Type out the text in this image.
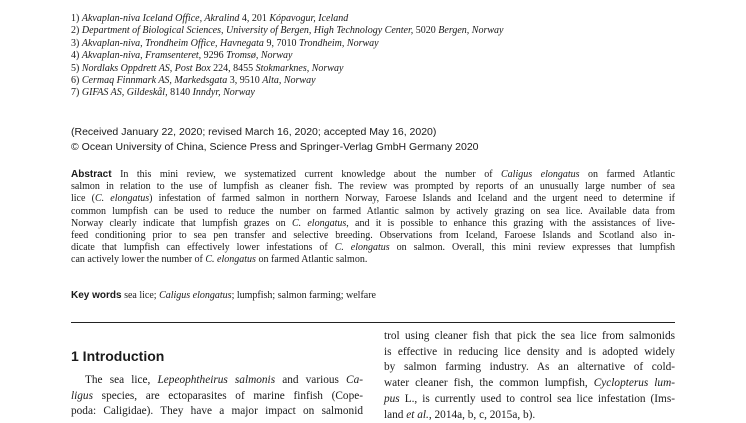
1) Akvaplan-niva Iceland Office, Akralind 4, 201 Kópavogur, Iceland
2) Department of Biological Sciences, University of Bergen, High Technology Center, 5020 Bergen, Norway
3) Akvaplan-niva, Trondheim Office, Havnegata 9, 7010 Trondheim, Norway
4) Akvaplan-niva, Framsenteret, 9296 Tromsø, Norway
5) Nordlaks Oppdrett AS, Post Box 224, 8455 Stokmarknes, Norway
6) Cermaq Finnmark AS, Markedsgata 3, 9510 Alta, Norway
7) GIFAS AS, Gildeskål, 8140 Inndyr, Norway
(Received January 22, 2020; revised March 16, 2020; accepted May 16, 2020)
© Ocean University of China, Science Press and Springer-Verlag GmbH Germany 2020
Abstract In this mini review, we systematized current knowledge about the number of Caligus elongatus on farmed Atlantic
salmon in relation to the use of lumpfish as cleaner fish. The review was prompted by reports of an unusually large number of sea
lice (C. elongatus) infestation of farmed salmon in northern Norway, Faroese Islands and Iceland and the urgent need to determine if
common lumpfish can be used to reduce the number on farmed Atlantic salmon by actively grazing on sea lice. Available data from
Norway clearly indicate that lumpfish grazes on C. elongatus, and it is possible to enhance this grazing with the assistances of live-
feed conditioning prior to sea pen transfer and selective breeding. Observations from Iceland, Faroese Islands and Scotland also in-
dicate that lumpfish can effectively lower infestations of C. elongatus on salmon. Overall, this mini review expresses that lumpfish
can actively lower the number of C. elongatus on farmed Atlantic salmon.
Key words sea lice; Caligus elongatus; lumpfish; salmon farming; welfare
1 Introduction
The sea lice, Lepeophtheirus salmonis and various Ca-
ligus species, are ectoparasites of marine finfish (Cope-
poda: Caligidae). They have a major impact on salmonid
trol using cleaner fish that pick the sea lice from salmonids
is effective in reducing lice density and is adopted widely
by salmon farming industry. As an alternative of cold-
water cleaner fish, the common lumpfish, Cyclopterus lum-
pus L., is currently used to control sea lice infestation (Ims-
land et al., 2014a, b, c, 2015a, b).
